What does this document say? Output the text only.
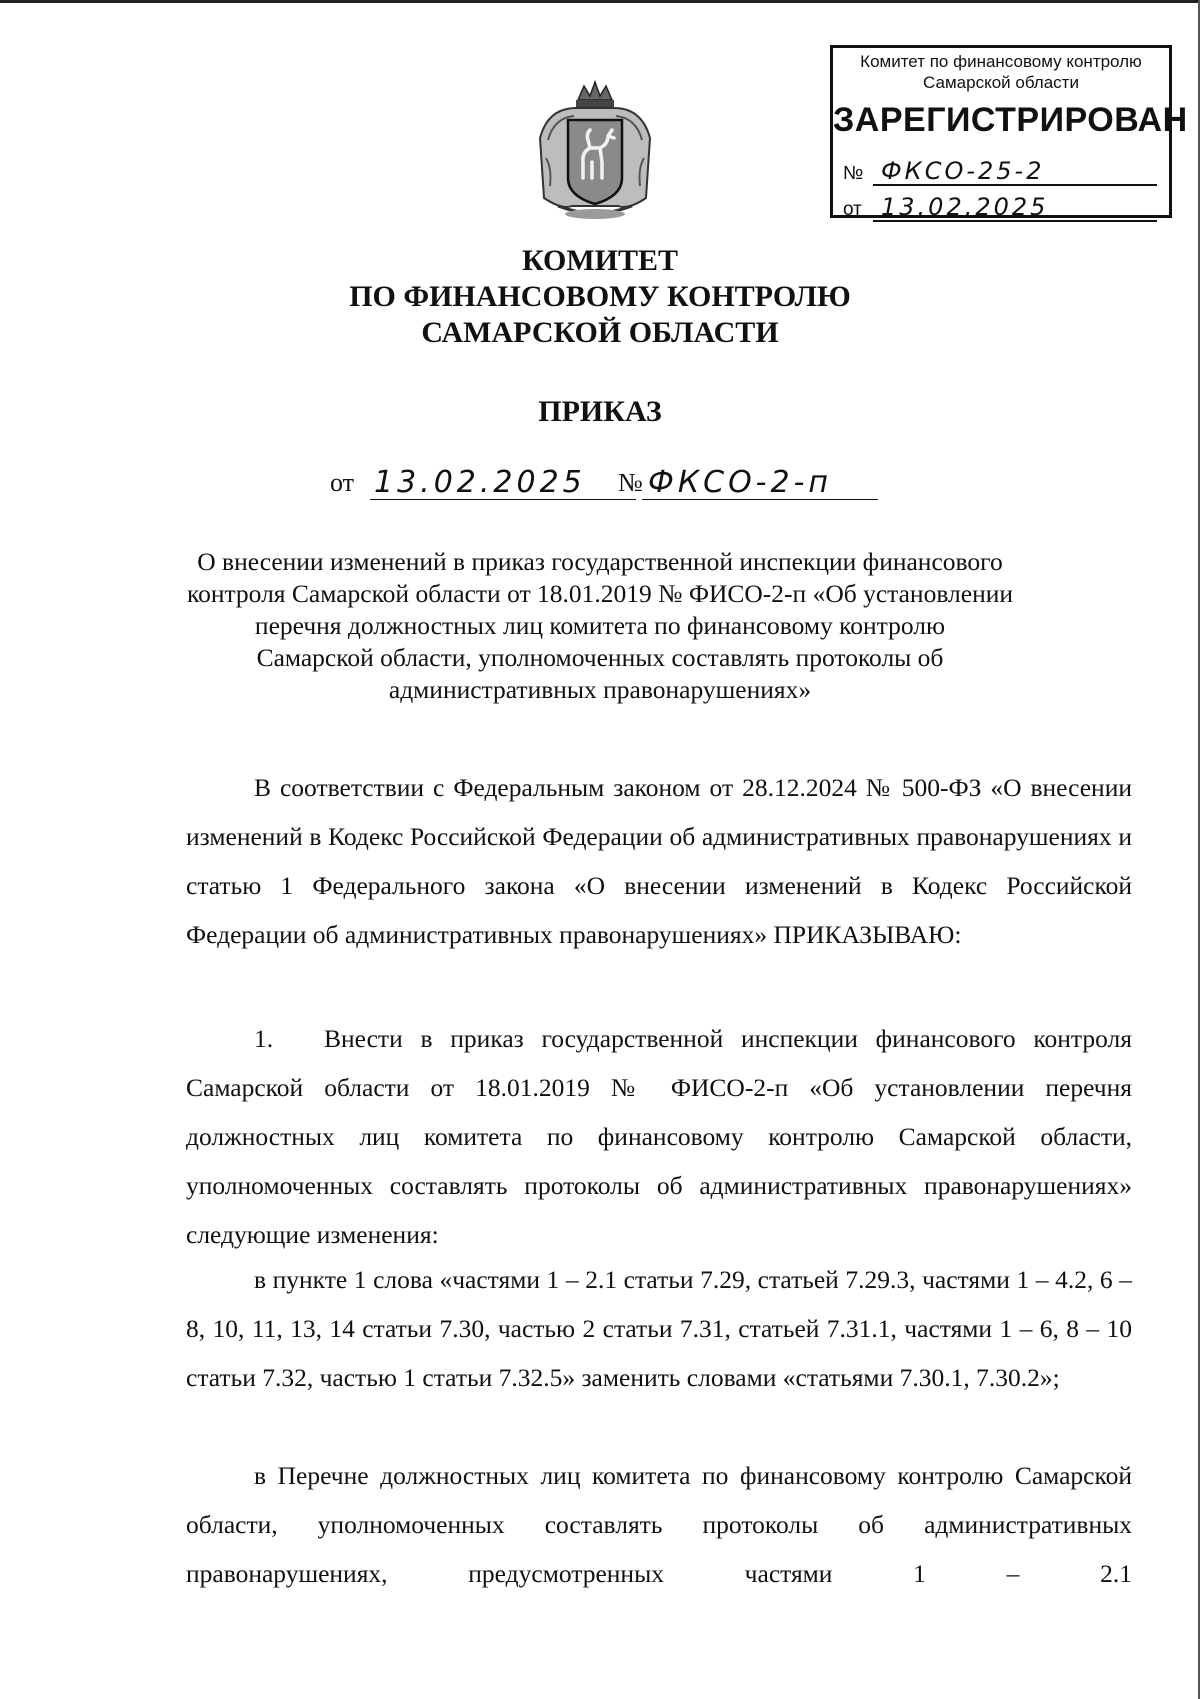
Комитет по финансовому контролю
Самарской области
ЗАРЕГИСТРИРОВАН
№ ФКСО-25-2
от 13.02.2025
КОМИТЕТ
ПО ФИНАНСОВОМУ КОНТРОЛЮ
САМАРСКОЙ ОБЛАСТИ
ПРИКАЗ
от 13.02.2025 № ФКСО-2-п
О внесении изменений в приказ государственной инспекции финансового
контроля Самарской области от 18.01.2019 № ФИСО-2-п «Об установлении
перечня должностных лиц комитета по финансовому контролю
Самарской области, уполномоченных составлять протоколы об
административных правонарушениях»

В соответствии с Федеральным законом от 28.12.2024 № 500-ФЗ «О внесении изменений в Кодекс Российской Федерации об административных правонарушениях и статью 1 Федерального закона «О внесении изменений в Кодекс Российской Федерации об административных правонарушениях» ПРИКАЗЫВАЮ:

1. Внести в приказ государственной инспекции финансового контроля Самарской области от 18.01.2019 № ФИСО-2-п «Об установлении перечня должностных лиц комитета по финансовому контролю Самарской области, уполномоченных составлять протоколы об административных правонарушениях» следующие изменения:

в пункте 1 слова «частями 1 – 2.1 статьи 7.29, статьей 7.29.3, частями 1 – 4.2, 6 – 8, 10, 11, 13, 14 статьи 7.30, частью 2 статьи 7.31, статьей 7.31.1, частями 1 – 6, 8 – 10 статьи 7.32, частью 1 статьи 7.32.5» заменить словами «статьями 7.30.1, 7.30.2»;

в Перечне должностных лиц комитета по финансовому контролю Самарской области, уполномоченных составлять протоколы об административных правонарушениях, предусмотренных частями 1 – 2.1
